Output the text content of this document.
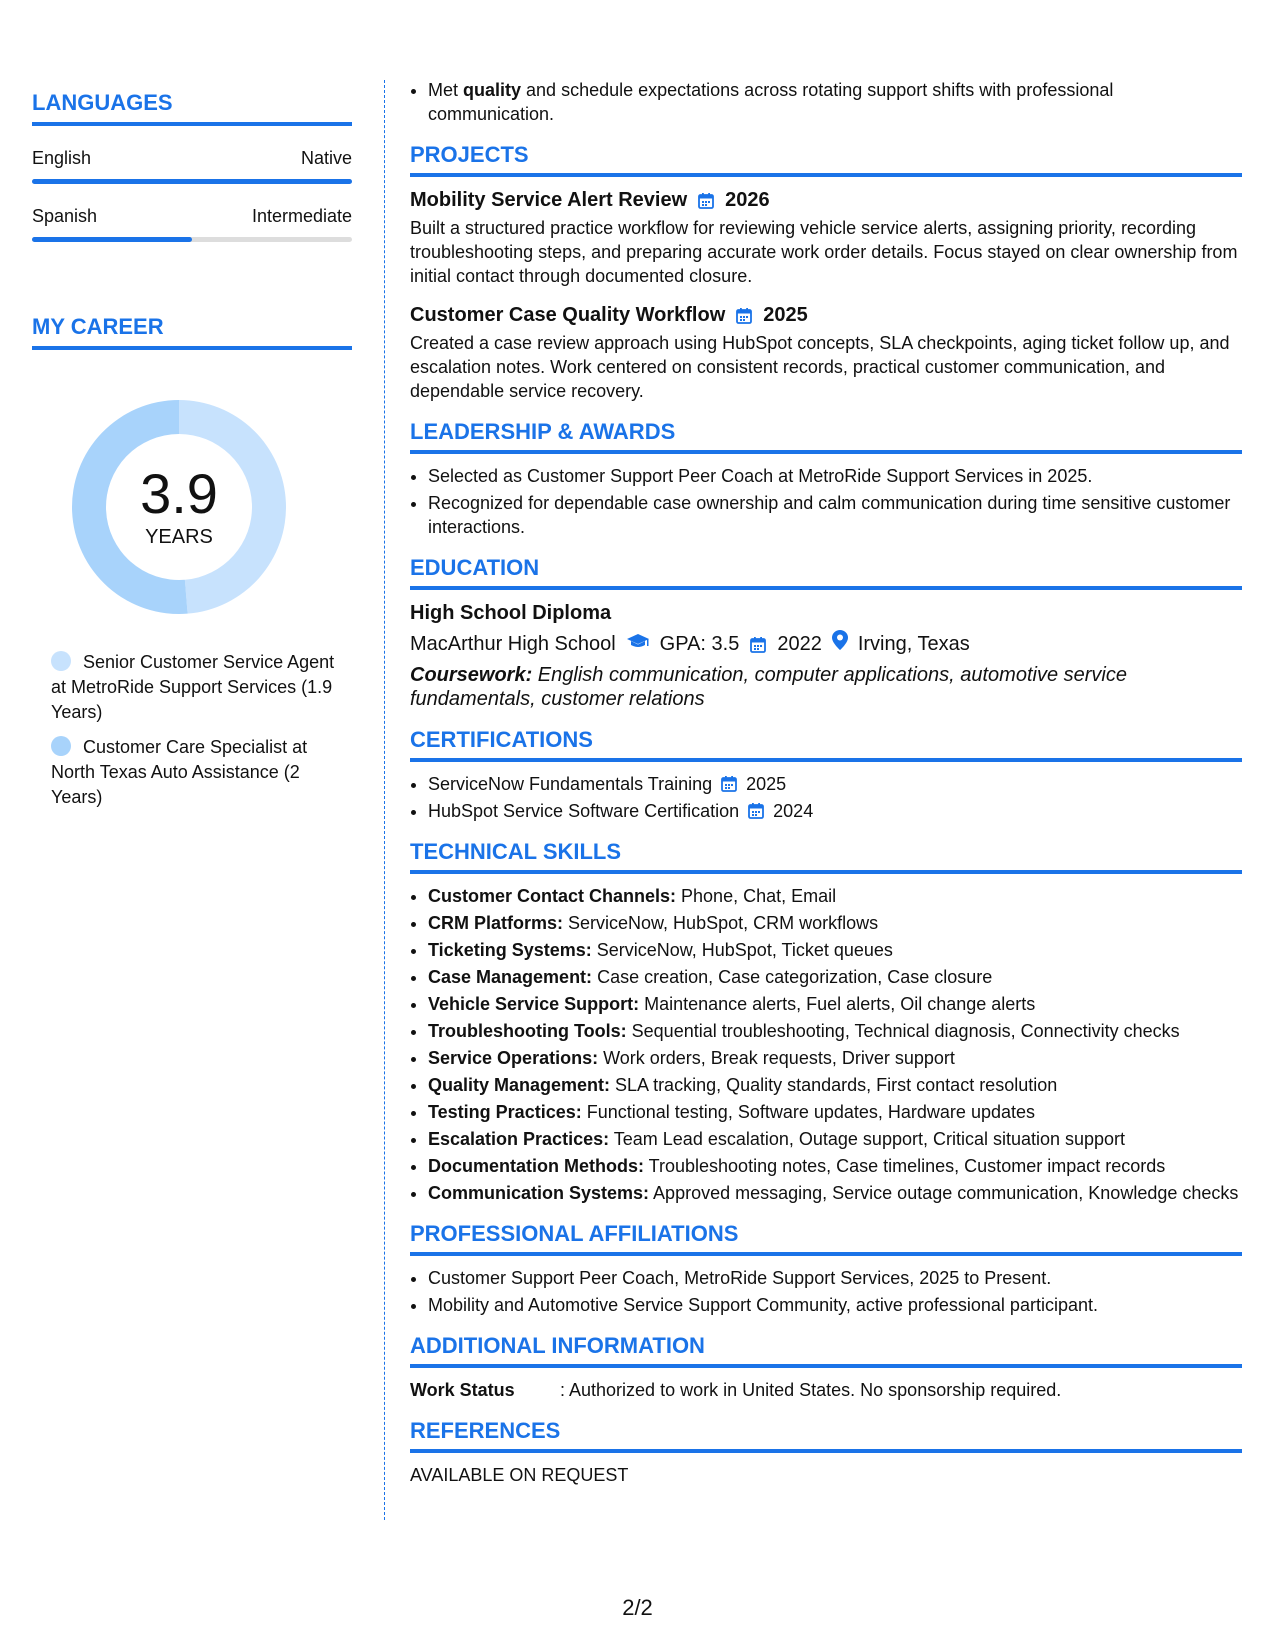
LANGUAGES
English	Native
Spanish	Intermediate
MY CAREER
3.9
YEARS
Senior Customer Service Agent at MetroRide Support Services (1.9 Years)
Customer Care Specialist at North Texas Auto Assistance (2 Years)
• Met quality and schedule expectations across rotating support shifts with professional communication.
PROJECTS
Mobility Service Alert Review 2026
Built a structured practice workflow for reviewing vehicle service alerts, assigning priority, recording troubleshooting steps, and preparing accurate work order details. Focus stayed on clear ownership from initial contact through documented closure.
Customer Case Quality Workflow 2025
Created a case review approach using HubSpot concepts, SLA checkpoints, aging ticket follow up, and escalation notes. Work centered on consistent records, practical customer communication, and dependable service recovery.
LEADERSHIP & AWARDS
• Selected as Customer Support Peer Coach at MetroRide Support Services in 2025.
• Recognized for dependable case ownership and calm communication during time sensitive customer interactions.
EDUCATION
High School Diploma
MacArthur High School GPA: 3.5 2022 Irving, Texas
Coursework: English communication, computer applications, automotive service fundamentals, customer relations
CERTIFICATIONS
• ServiceNow Fundamentals Training 2025
• HubSpot Service Software Certification 2024
TECHNICAL SKILLS
• Customer Contact Channels: Phone, Chat, Email
• CRM Platforms: ServiceNow, HubSpot, CRM workflows
• Ticketing Systems: ServiceNow, HubSpot, Ticket queues
• Case Management: Case creation, Case categorization, Case closure
• Vehicle Service Support: Maintenance alerts, Fuel alerts, Oil change alerts
• Troubleshooting Tools: Sequential troubleshooting, Technical diagnosis, Connectivity checks
• Service Operations: Work orders, Break requests, Driver support
• Quality Management: SLA tracking, Quality standards, First contact resolution
• Testing Practices: Functional testing, Software updates, Hardware updates
• Escalation Practices: Team Lead escalation, Outage support, Critical situation support
• Documentation Methods: Troubleshooting notes, Case timelines, Customer impact records
• Communication Systems: Approved messaging, Service outage communication, Knowledge checks
PROFESSIONAL AFFILIATIONS
• Customer Support Peer Coach, MetroRide Support Services, 2025 to Present.
• Mobility and Automotive Service Support Community, active professional participant.
ADDITIONAL INFORMATION
Work Status	: Authorized to work in United States. No sponsorship required.
REFERENCES
AVAILABLE ON REQUEST
2/2
